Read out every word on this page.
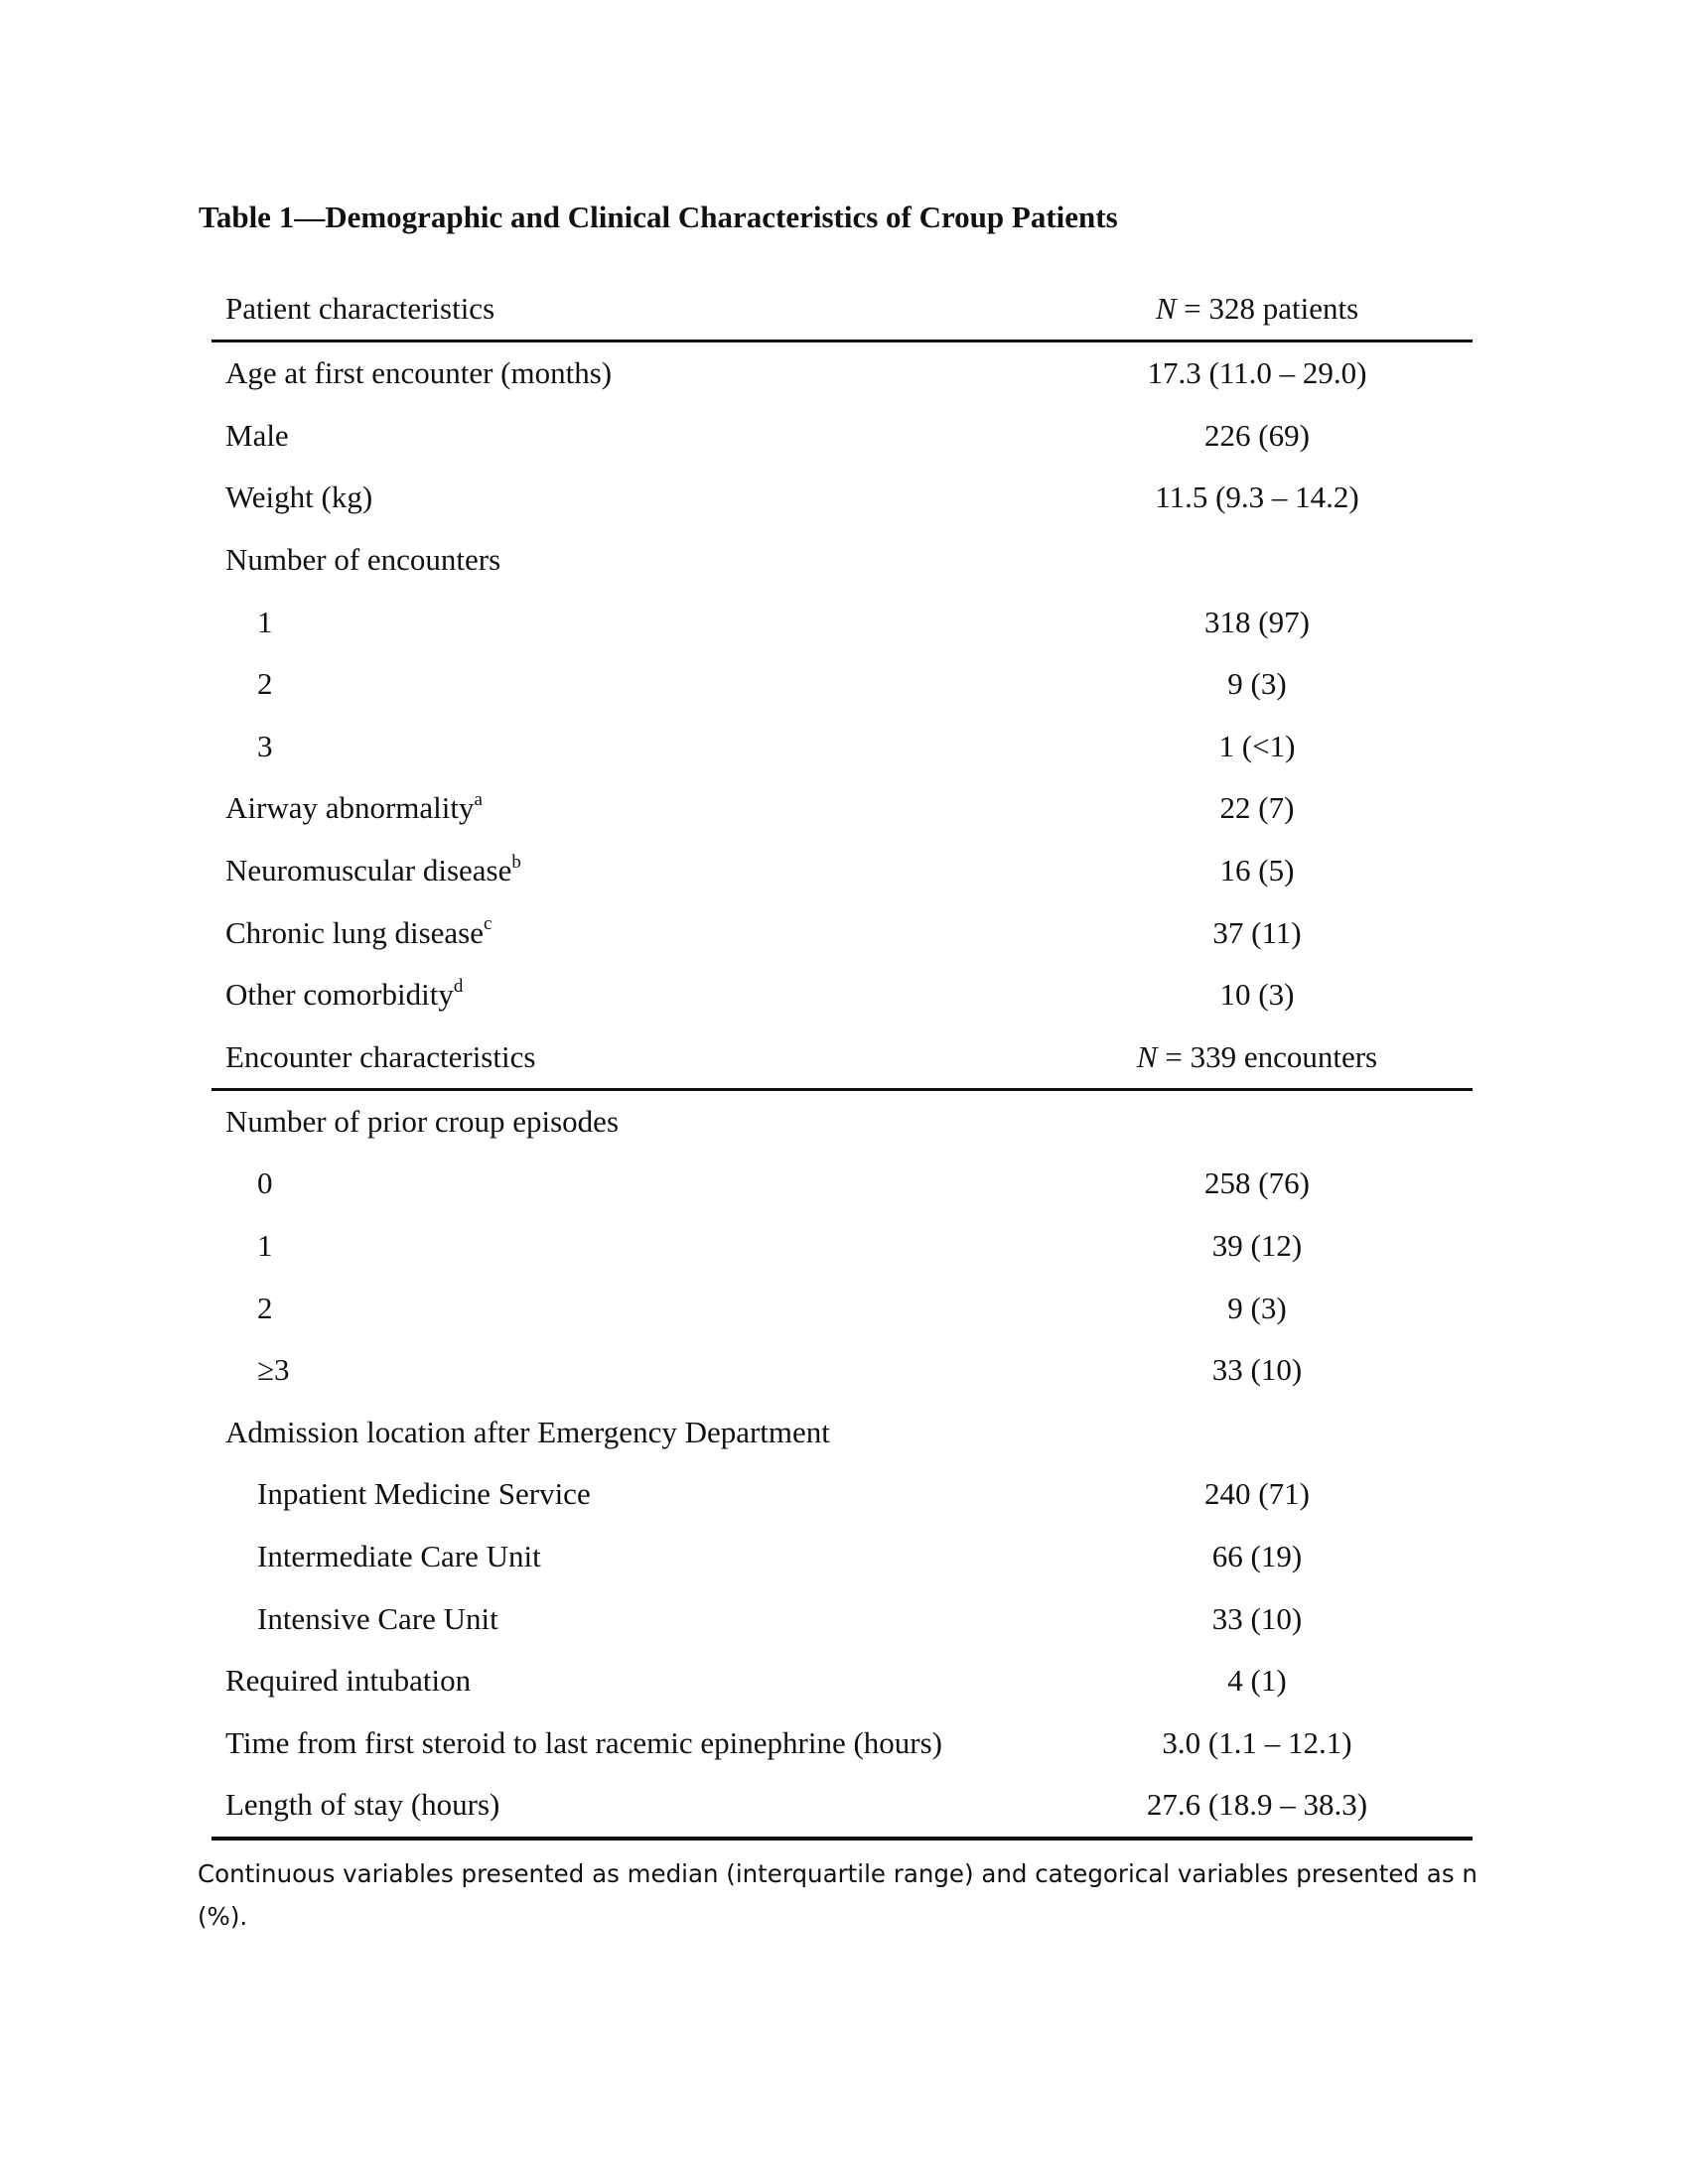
Table 1—Demographic and Clinical Characteristics of Croup Patients
Patient characteristics	N = 328 patients
Age at first encounter (months)	17.3 (11.0 – 29.0)
Male	226 (69)
Weight (kg)	11.5 (9.3 – 14.2)
Number of encounters
1	318 (97)
2	9 (3)
3	1 (<1)
Airway abnormality$^a$	22 (7)
Neuromuscular disease$^b$	16 (5)
Chronic lung disease$^c$	37 (11)
Other comorbidity$^d$	10 (3)
Encounter characteristics	N = 339 encounters
Number of prior croup episodes
0	258 (76)
1	39 (12)
2	9 (3)
≥3	33 (10)
Admission location after Emergency Department
Inpatient Medicine Service	240 (71)
Intermediate Care Unit	66 (19)
Intensive Care Unit	33 (10)
Required intubation	4 (1)
Time from first steroid to last racemic epinephrine (hours)	3.0 (1.1 – 12.1)
Length of stay (hours)	27.6 (18.9 – 38.3)
Continuous variables presented as median (interquartile range) and categorical variables presented as n (%).
